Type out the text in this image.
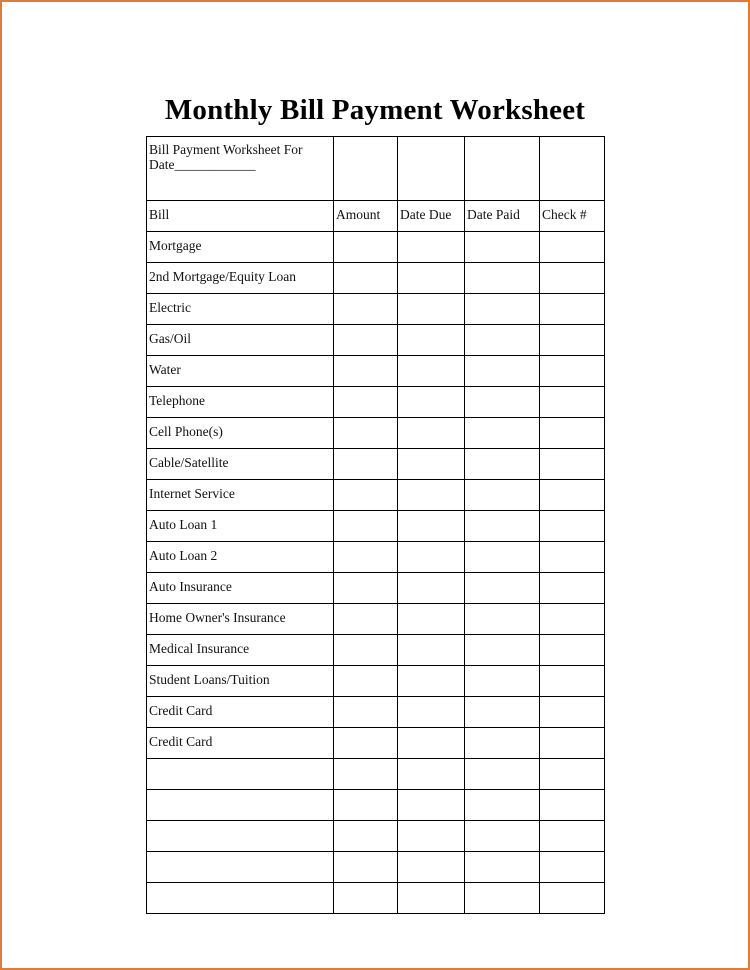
Monthly Bill Payment Worksheet
Bill Payment Worksheet For
Date____________				

Bill	Amount	Date Due	Date Paid	Check #
Mortgage				
2nd Mortgage/Equity Loan				
Electric				
Gas/Oil				
Water				
Telephone				
Cell Phone(s)				
Cable/Satellite				
Internet Service				
Auto Loan 1				
Auto Loan 2				
Auto Insurance				
Home Owner's Insurance				
Medical Insurance				
Student Loans/Tuition				
Credit Card				
Credit Card				
